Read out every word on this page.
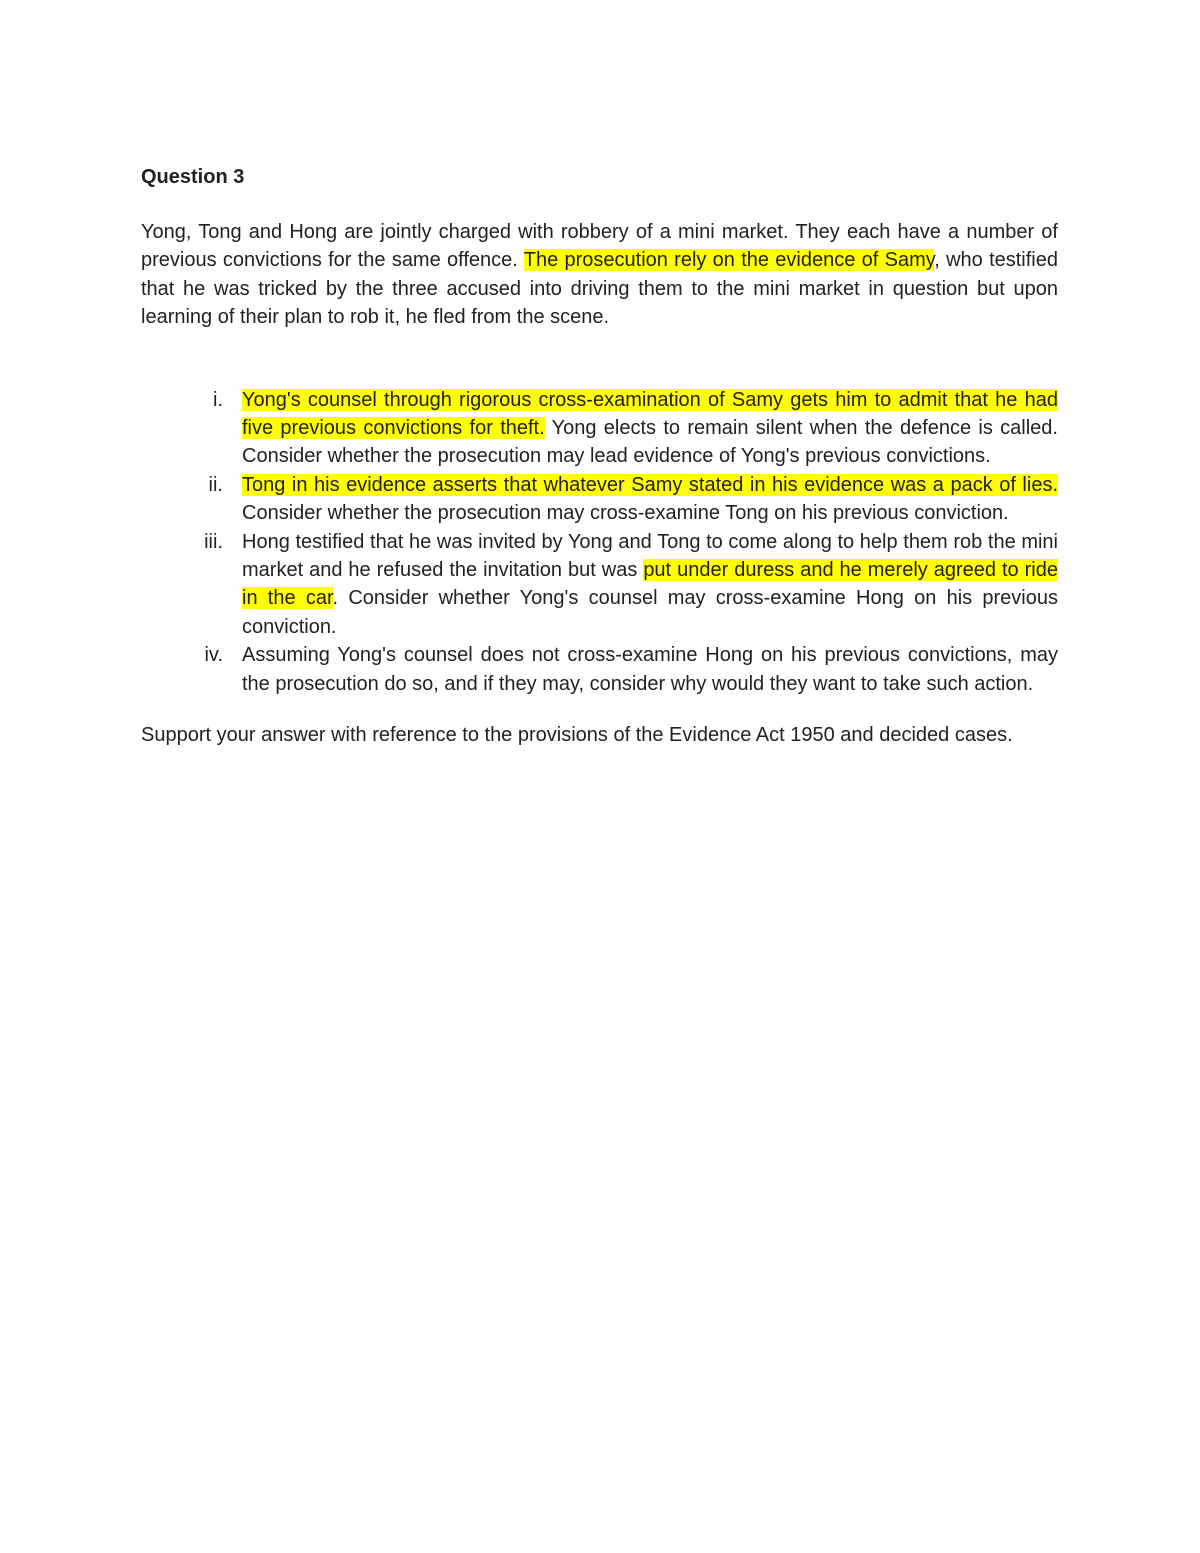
Question 3

Yong, Tong and Hong are jointly charged with robbery of a mini market. They each have a number of previous convictions for the same offence. The prosecution rely on the evidence of Samy, who testified that he was tricked by the three accused into driving them to the mini market in question but upon learning of their plan to rob it, he fled from the scene.

i. Yong's counsel through rigorous cross-examination of Samy gets him to admit that he had five previous convictions for theft. Yong elects to remain silent when the defence is called. Consider whether the prosecution may lead evidence of Yong's previous convictions.
ii. Tong in his evidence asserts that whatever Samy stated in his evidence was a pack of lies. Consider whether the prosecution may cross-examine Tong on his previous conviction.
iii. Hong testified that he was invited by Yong and Tong to come along to help them rob the mini market and he refused the invitation but was put under duress and he merely agreed to ride in the car. Consider whether Yong's counsel may cross-examine Hong on his previous conviction.
iv. Assuming Yong's counsel does not cross-examine Hong on his previous convictions, may the prosecution do so, and if they may, consider why would they want to take such action.

Support your answer with reference to the provisions of the Evidence Act 1950 and decided cases.
